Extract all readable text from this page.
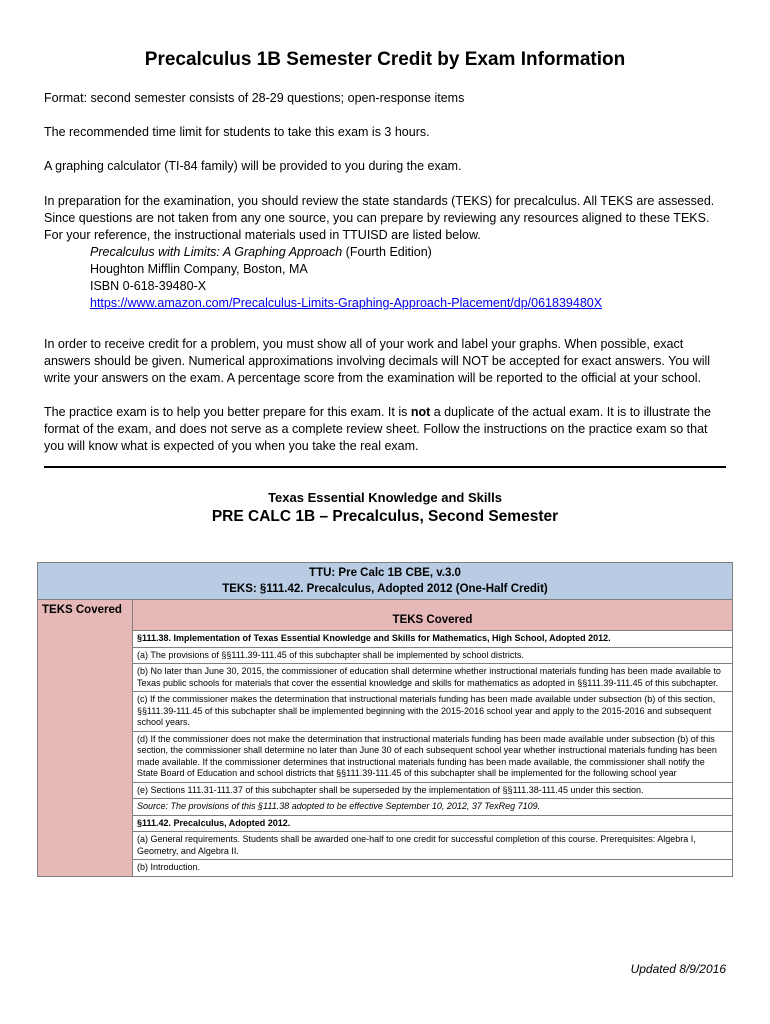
Precalculus 1B Semester Credit by Exam Information

Format: second semester consists of 28-29 questions; open-response items

The recommended time limit for students to take this exam is 3 hours.

A graphing calculator (TI-84 family) will be provided to you during the exam.

In preparation for the examination, you should review the state standards (TEKS) for precalculus. All TEKS are assessed. Since questions are not taken from any one source, you can prepare by reviewing any resources aligned to these TEKS. For your reference, the instructional materials used in TTUISD are listed below.
Precalculus with Limits: A Graphing Approach (Fourth Edition)
Houghton Mifflin Company, Boston, MA
ISBN 0-618-39480-X
https://www.amazon.com/Precalculus-Limits-Graphing-Approach-Placement/dp/061839480X

In order to receive credit for a problem, you must show all of your work and label your graphs. When possible, exact answers should be given. Numerical approximations involving decimals will NOT be accepted for exact answers. You will write your answers on the exam. A percentage score from the examination will be reported to the official at your school.

The practice exam is to help you better prepare for this exam. It is not a duplicate of the actual exam. It is to illustrate the format of the exam, and does not serve as a complete review sheet. Follow the instructions on the practice exam so that you will know what is expected of you when you take the real exam.

Texas Essential Knowledge and Skills
PRE CALC 1B – Precalculus, Second Semester
TTU: Pre Calc 1B CBE, v.3.0
TEKS: §111.42. Precalculus, Adopted 2012 (One-Half Credit)

TEKS Covered	TEKS Covered
§111.38. Implementation of Texas Essential Knowledge and Skills for Mathematics, High School, Adopted 2012.
(a) The provisions of §§111.39-111.45 of this subchapter shall be implemented by school districts.
(b) No later than June 30, 2015, the commissioner of education shall determine whether instructional materials funding has been made available to Texas public schools for materials that cover the essential knowledge and skills for mathematics as adopted in §§111.39-111.45 of this subchapter.
(c) If the commissioner makes the determination that instructional materials funding has been made available under subsection (b) of this section, §§111.39-111.45 of this subchapter shall be implemented beginning with the 2015-2016 school year and apply to the 2015-2016 and subsequent school years.
(d) If the commissioner does not make the determination that instructional materials funding has been made available under subsection (b) of this section, the commissioner shall determine no later than June 30 of each subsequent school year whether instructional materials funding has been made available. If the commissioner determines that instructional materials funding has been made available, the commissioner shall notify the State Board of Education and school districts that §§111.39-111.45 of this subchapter shall be implemented for the following school year
(e) Sections 111.31-111.37 of this subchapter shall be superseded by the implementation of §§111.38-111.45 under this section.
Source: The provisions of this §111.38 adopted to be effective September 10, 2012, 37 TexReg 7109.
§111.42. Precalculus, Adopted 2012.
(a) General requirements. Students shall be awarded one-half to one credit for successful completion of this course. Prerequisites: Algebra I, Geometry, and Algebra II.
(b) Introduction.

Updated 8/9/2016
